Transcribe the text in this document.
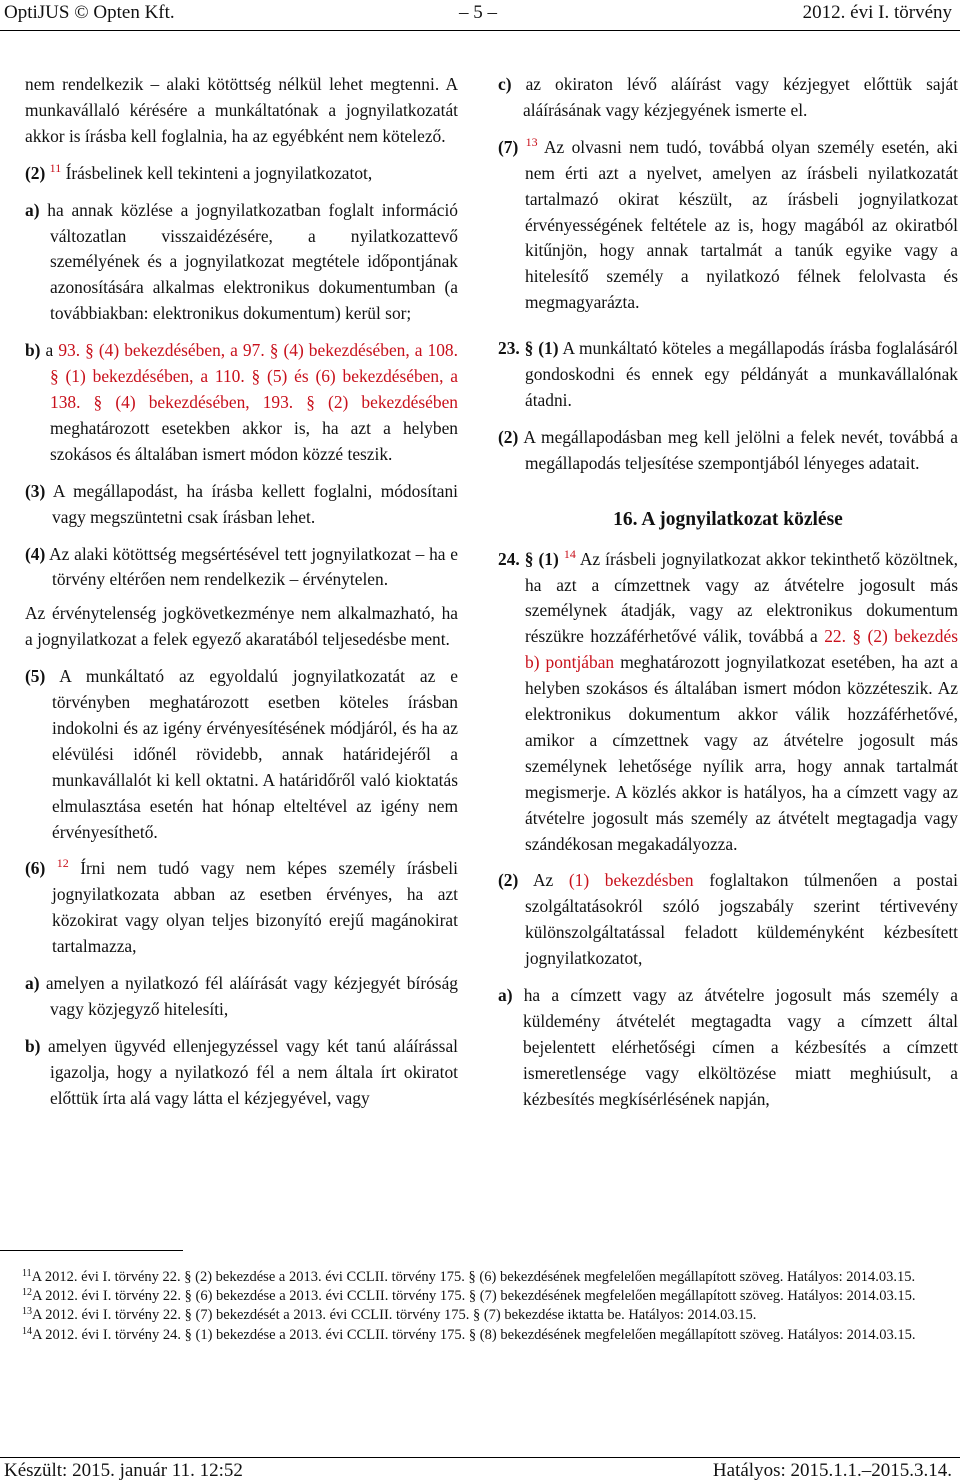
OptiJUS © Opten Kft.	– 5 –	2012. évi I. törvény

nem rendelkezik – alaki kötöttség nélkül lehet megtenni. A munkavállaló kérésére a munkáltatónak a jognyilatkozatát akkor is írásba kell foglalnia, ha az egyébként nem kötelező.

(2) $^{11}$ Írásbelinek kell tekinteni a jognyilatkozatot,

a) ha annak közlése a jognyilatkozatban foglalt információ változatlan visszaidézésére, a nyilatkozattevő személyének és a jognyilatkozat megtétele időpontjának azonosítására alkalmas elektronikus dokumentumban (a továbbiakban: elektronikus dokumentum) kerül sor;

b) a 93. § (4) bekezdésében, a 97. § (4) bekezdésében, a 108. § (1) bekezdésében, a 110. § (5) és (6) bekezdésében, a 138. § (4) bekezdésében, 193. § (2) bekezdésében meghatározott esetekben akkor is, ha azt a helyben szokásos és általában ismert módon közzé teszik.

(3) A megállapodást, ha írásba kellett foglalni, módosítani vagy megszüntetni csak írásban lehet.

(4) Az alaki kötöttség megsértésével tett jognyilatkozat – ha e törvény eltérően nem rendelkezik – érvénytelen.

Az érvénytelenség jogkövetkezménye nem alkalmazható, ha a jognyilatkozat a felek egyező akaratából teljesedésbe ment.

(5) A munkáltató az egyoldalú jognyilatkozatát az e törvényben meghatározott esetben köteles írásban indokolni és az igény érvényesítésének módjáról, és ha az elévülési időnél rövidebb, annak határidejéről a munkavállalót ki kell oktatni. A határidőről való kioktatás elmulasztása esetén hat hónap elteltével az igény nem érvényesíthető.

(6) $^{12}$ Írni nem tudó vagy nem képes személy írásbeli jognyilatkozata abban az esetben érvényes, ha azt közokirat vagy olyan teljes bizonyító erejű magánokirat tartalmazza,

a) amelyen a nyilatkozó fél aláírását vagy kézjegyét bíróság vagy közjegyző hitelesíti,

b) amelyen ügyvéd ellenjegyzéssel vagy két tanú aláírással igazolja, hogy a nyilatkozó fél a nem általa írt okiratot előttük írta alá vagy látta el kézjegyével, vagy

c) az okiraton lévő aláírást vagy kézjegyet előttük saját aláírásának vagy kézjegyének ismerte el.

(7) $^{13}$ Az olvasni nem tudó, továbbá olyan személy esetén, aki nem érti azt a nyelvet, amelyen az írásbeli nyilatkozatát tartalmazó okirat készült, az írásbeli jognyilatkozat érvényességének feltétele az is, hogy magából az okiratból kitűnjön, hogy annak tartalmát a tanúk egyike vagy a hitelesítő személy a nyilatkozó félnek felolvasta és megmagyarázta.

23. § (1) A munkáltató köteles a megállapodás írásba foglalásáról gondoskodni és ennek egy példányát a munkavállalónak átadni.

(2) A megállapodásban meg kell jelölni a felek nevét, továbbá a megállapodás teljesítése szempontjából lényeges adatait.

16. A jognyilatkozat közlése

24. § (1) $^{14}$ Az írásbeli jognyilatkozat akkor tekinthető közöltnek, ha azt a címzettnek vagy az átvételre jogosult más személynek átadják, vagy az elektronikus dokumentum részükre hozzáférhetővé válik, továbbá a 22. § (2) bekezdés b) pontjában meghatározott jognyilatkozat esetében, ha azt a helyben szokásos és általában ismert módon közzéteszik. Az elektronikus dokumentum akkor válik hozzáférhetővé, amikor a címzettnek vagy az átvételre jogosult más személynek lehetősége nyílik arra, hogy annak tartalmát megismerje. A közlés akkor is hatályos, ha a címzett vagy az átvételre jogosult más személy az átvételt megtagadja vagy szándékosan megakadályozza.

(2) Az (1) bekezdésben foglaltakon túlmenően a postai szolgáltatásokról szóló jogszabály szerint tértivevény különszolgáltatással feladott küldeményként kézbesített jognyilatkozatot,

a) ha a címzett vagy az átvételre jogosult más személy a küldemény átvételét megtagadta vagy a címzett által bejelentett elérhetőségi címen a kézbesítés a címzett ismeretlensége vagy elköltözése miatt meghiúsult, a kézbesítés megkísérlésének napján,

$^{11}$A 2012. évi I. törvény 22. § (2) bekezdése a 2013. évi CCLII. törvény 175. § (6) bekezdésének megfelelően megállapított szöveg. Hatályos: 2014.03.15.

$^{12}$A 2012. évi I. törvény 22. § (6) bekezdése a 2013. évi CCLII. törvény 175. § (7) bekezdésének megfelelően megállapított szöveg. Hatályos: 2014.03.15.

$^{13}$A 2012. évi I. törvény 22. § (7) bekezdését a 2013. évi CCLII. törvény 175. § (7) bekezdése iktatta be. Hatályos: 2014.03.15.

$^{14}$A 2012. évi I. törvény 24. § (1) bekezdése a 2013. évi CCLII. törvény 175. § (8) bekezdésének megfelelően megállapított szöveg. Hatályos: 2014.03.15.

Készült: 2015. január 11. 12:52	Hatályos: 2015.1.1.–2015.3.14.
